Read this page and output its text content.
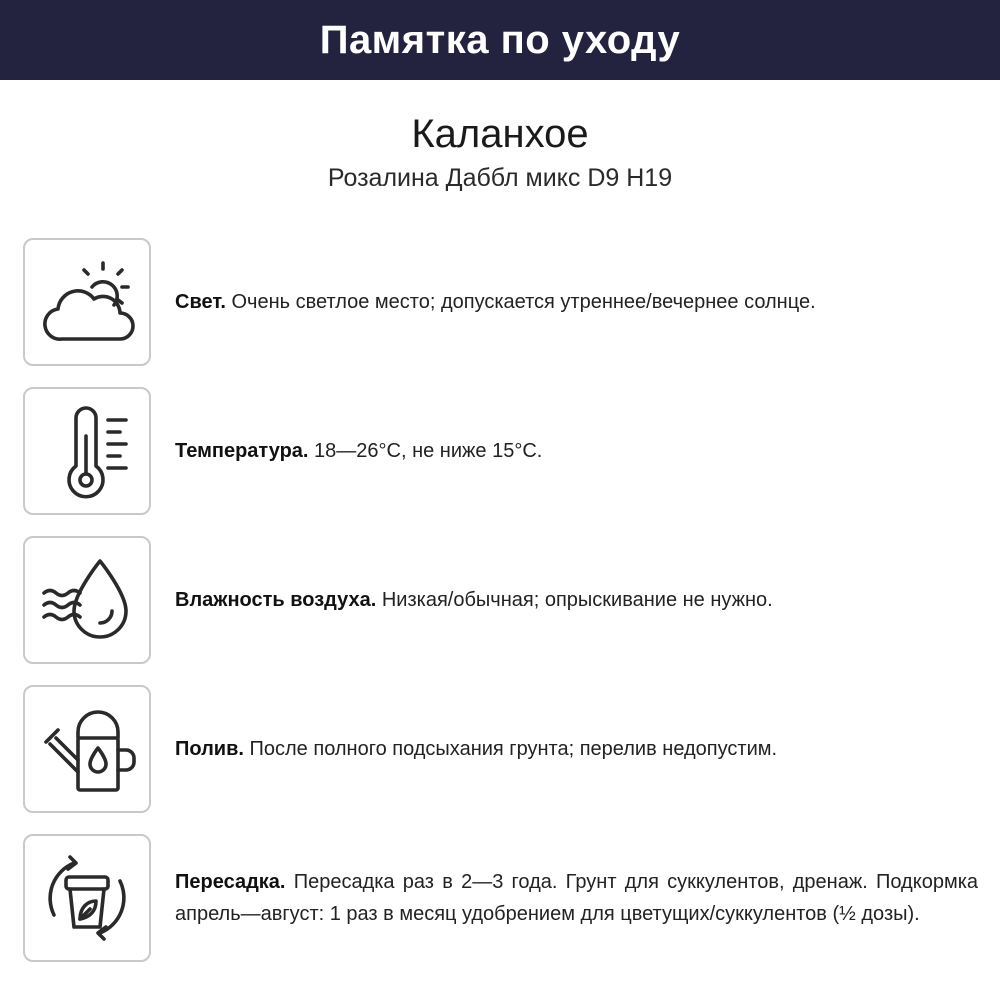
Памятка по уходу
Каланхое
Розалина Даббл микс D9 H19

Свет. Очень светлое место; допускается утреннее/вечернее солнце.

Температура. 18—26°C, не ниже 15°C.

Влажность воздуха. Низкая/обычная; опрыскивание не нужно.

Полив. После полного подсыхания грунта; перелив недопустим.

Пересадка. Пересадка раз в 2—3 года. Грунт для суккулентов, дренаж. Подкормка апрель—август: 1 раз в месяц удобрением для цветущих/суккулентов (½ дозы).
